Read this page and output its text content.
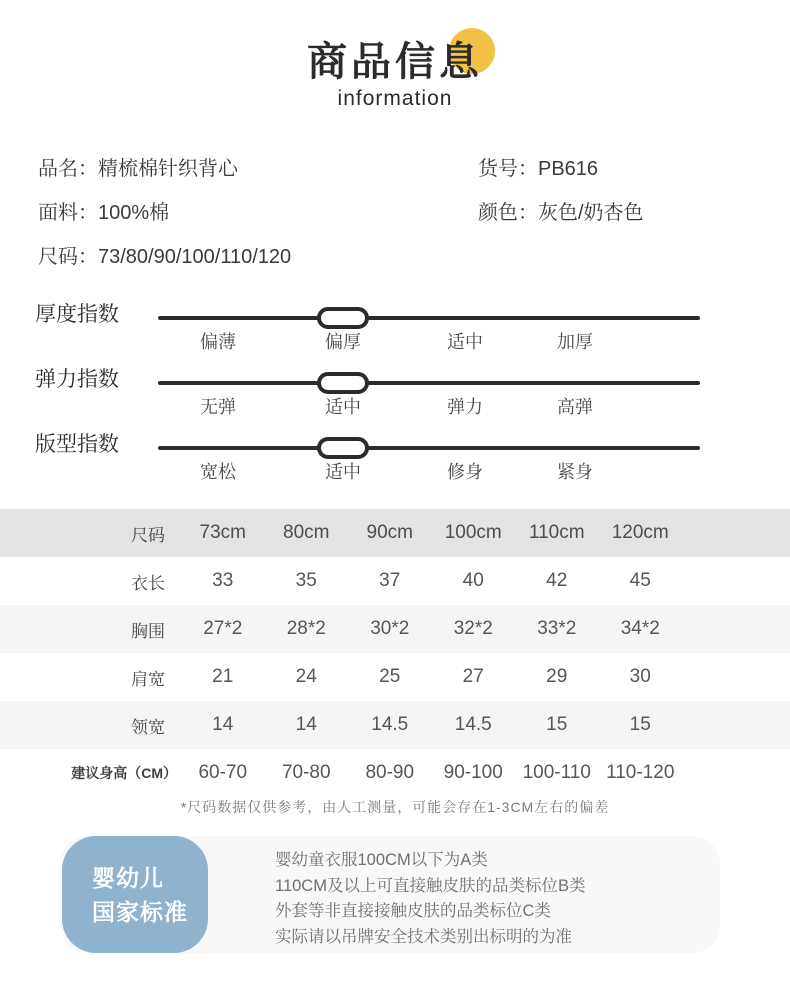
商品信息
information
品名：精梳棉针织背心	货号：PB616
面料：100%棉	颜色：灰色/奶杏色
尺码：73/80/90/100/110/120
厚度指数
偏薄	偏厚	适中	加厚
弹力指数
无弹	适中	弹力	高弹
版型指数
宽松	适中	修身	紧身
尺码	73cm	80cm	90cm	100cm	110cm	120cm
衣长	33	35	37	40	42	45
胸围	27*2	28*2	30*2	32*2	33*2	34*2
肩宽	21	24	25	27	29	30
领宽	14	14	14.5	14.5	15	15
建议身高（CM）	60-70	70-80	80-90	90-100	100-110 110-120
*尺码数据仅供参考，由人工测量，可能会存在1-3CM左右的偏差
婴幼儿
国家标准
婴幼童衣服100CM以下为A类
110CM及以上可直接触皮肤的品类标位B类
外套等非直接接触皮肤的品类标位C类
实际请以吊牌安全技术类别出标明的为准
